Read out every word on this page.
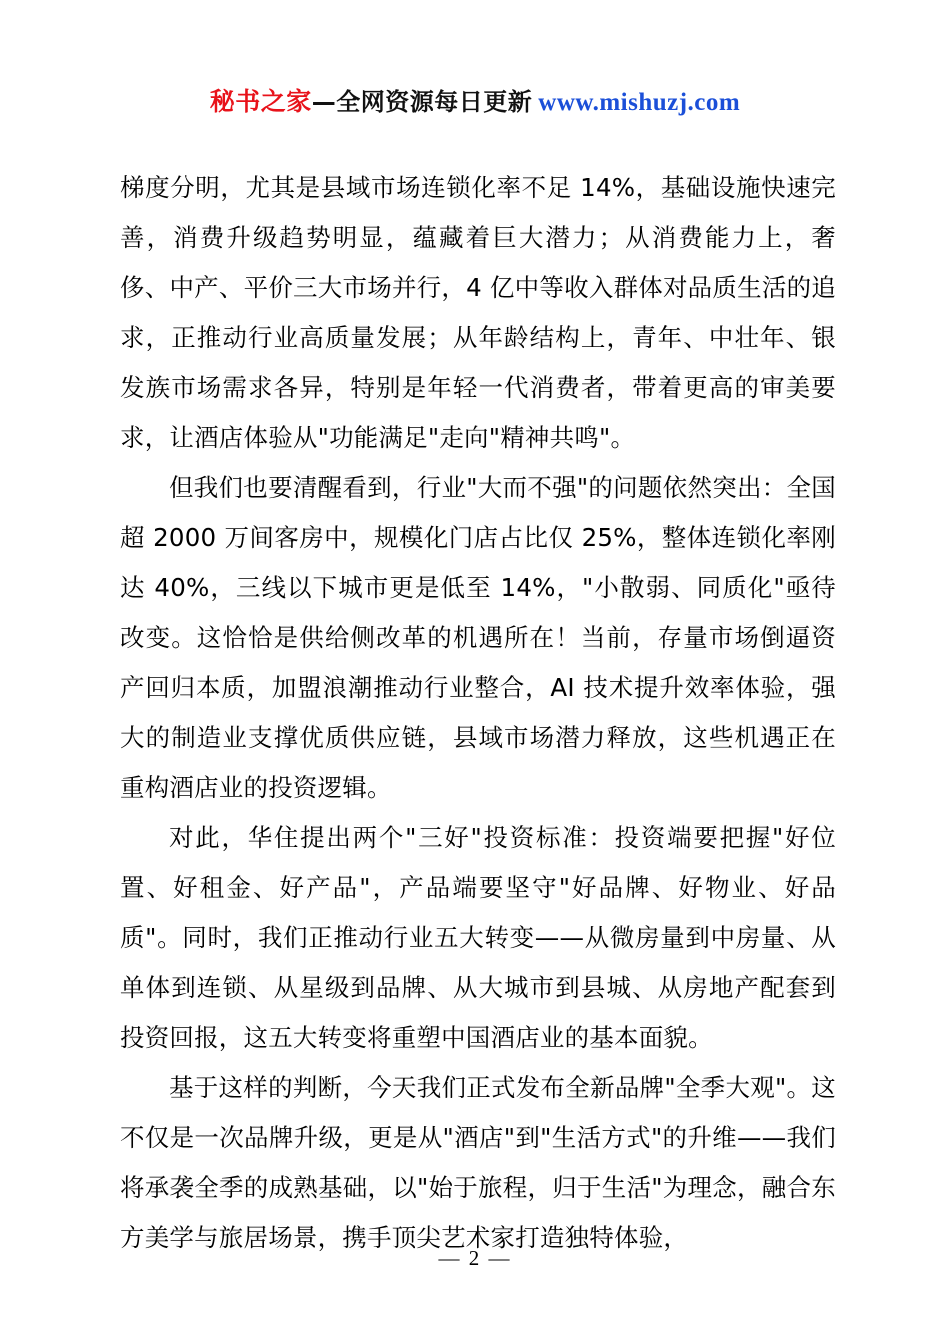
秘书之家—全网资源每日更新 www.mishuzj.com

梯度分明，尤其是县域市场连锁化率不足 14%，基础设施快速完善，消费升级趋势明显，蕴藏着巨大潜力；从消费能力上，奢侈、中产、平价三大市场并行，4 亿中等收入群体对品质生活的追求，正推动行业高质量发展；从年龄结构上，青年、中壮年、银发族市场需求各异，特别是年轻一代消费者，带着更高的审美要求，让酒店体验从"功能满足"走向"精神共鸣"。

但我们也要清醒看到，行业"大而不强"的问题依然突出：全国超 2000 万间客房中，规模化门店占比仅 25%，整体连锁化率刚达 40%，三线以下城市更是低至 14%，"小散弱、同质化"亟待改变。这恰恰是供给侧改革的机遇所在！当前，存量市场倒逼资产回归本质，加盟浪潮推动行业整合，AI 技术提升效率体验，强大的制造业支撑优质供应链，县域市场潜力释放，这些机遇正在重构酒店业的投资逻辑。

对此，华住提出两个"三好"投资标准：投资端要把握"好位置、好租金、好产品"，产品端要坚守"好品牌、好物业、好品质"。同时，我们正推动行业五大转变——从微房量到中房量、从单体到连锁、从星级到品牌、从大城市到县城、从房地产配套到投资回报，这五大转变将重塑中国酒店业的基本面貌。

基于这样的判断，今天我们正式发布全新品牌"全季大观"。这不仅是一次品牌升级，更是从"酒店"到"生活方式"的升维——我们将承袭全季的成熟基础，以"始于旅程，归于生活"为理念，融合东方美学与旅居场景，携手顶尖艺术家打造独特体验，

— 2 —
